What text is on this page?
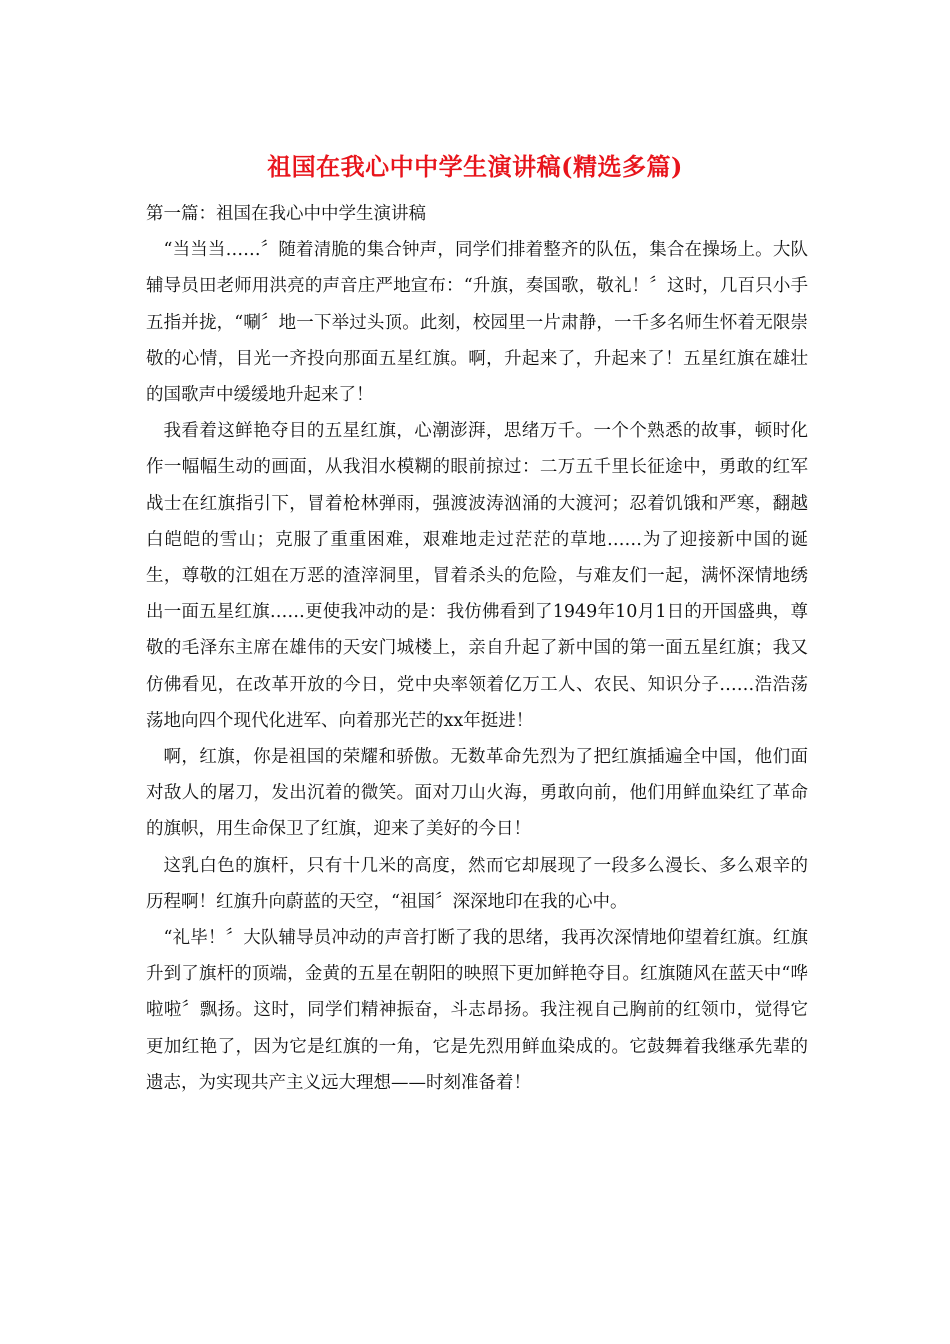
祖国在我心中中学生演讲稿(精选多篇)

第一篇：祖国在我心中中学生演讲稿

“当当当……〞随着清脆的集合钟声，同学们排着整齐的队伍，集合在操场上。大队辅导员田老师用洪亮的声音庄严地宣布：“升旗，奏国歌，敬礼！〞这时，几百只小手五指并拢，“唰〞地一下举过头顶。此刻，校园里一片肃静，一千多名师生怀着无限崇敬的心情，目光一齐投向那面五星红旗。啊，升起来了，升起来了！五星红旗在雄壮的国歌声中缓缓地升起来了！

我看着这鲜艳夺目的五星红旗，心潮澎湃，思绪万千。一个个熟悉的故事，顿时化作一幅幅生动的画面，从我泪水模糊的眼前掠过：二万五千里长征途中，勇敢的红军战士在红旗指引下，冒着枪林弹雨，强渡波涛汹涌的大渡河；忍着饥饿和严寒，翻越白皑皑的雪山；克服了重重困难，艰难地走过茫茫的草地……为了迎接新中国的诞生，尊敬的江姐在万恶的渣滓洞里，冒着杀头的危险，与难友们一起，满怀深情地绣出一面五星红旗……更使我冲动的是：我仿佛看到了1949年10月1日的开国盛典，尊敬的毛泽东主席在雄伟的天安门城楼上，亲自升起了新中国的第一面五星红旗；我又仿佛看见，在改革开放的今日，党中央率领着亿万工人、农民、知识分子……浩浩荡荡地向四个现代化进军、向着那光芒的xx年挺进！

啊，红旗，你是祖国的荣耀和骄傲。无数革命先烈为了把红旗插遍全中国，他们面对敌人的屠刀，发出沉着的微笑。面对刀山火海，勇敢向前，他们用鲜血染红了革命的旗帜，用生命保卫了红旗，迎来了美好的今日！

这乳白色的旗杆，只有十几米的高度，然而它却展现了一段多么漫长、多么艰辛的历程啊！红旗升向蔚蓝的天空，“祖国〞深深地印在我的心中。

“礼毕！〞大队辅导员冲动的声音打断了我的思绪，我再次深情地仰望着红旗。红旗升到了旗杆的顶端，金黄的五星在朝阳的映照下更加鲜艳夺目。红旗随风在蓝天中“哗啦啦〞飘扬。这时，同学们精神振奋，斗志昂扬。我注视自己胸前的红领巾，觉得它更加红艳了，因为它是红旗的一角，它是先烈用鲜血染成的。它鼓舞着我继承先辈的遗志，为实现共产主义远大理想——时刻准备着！
